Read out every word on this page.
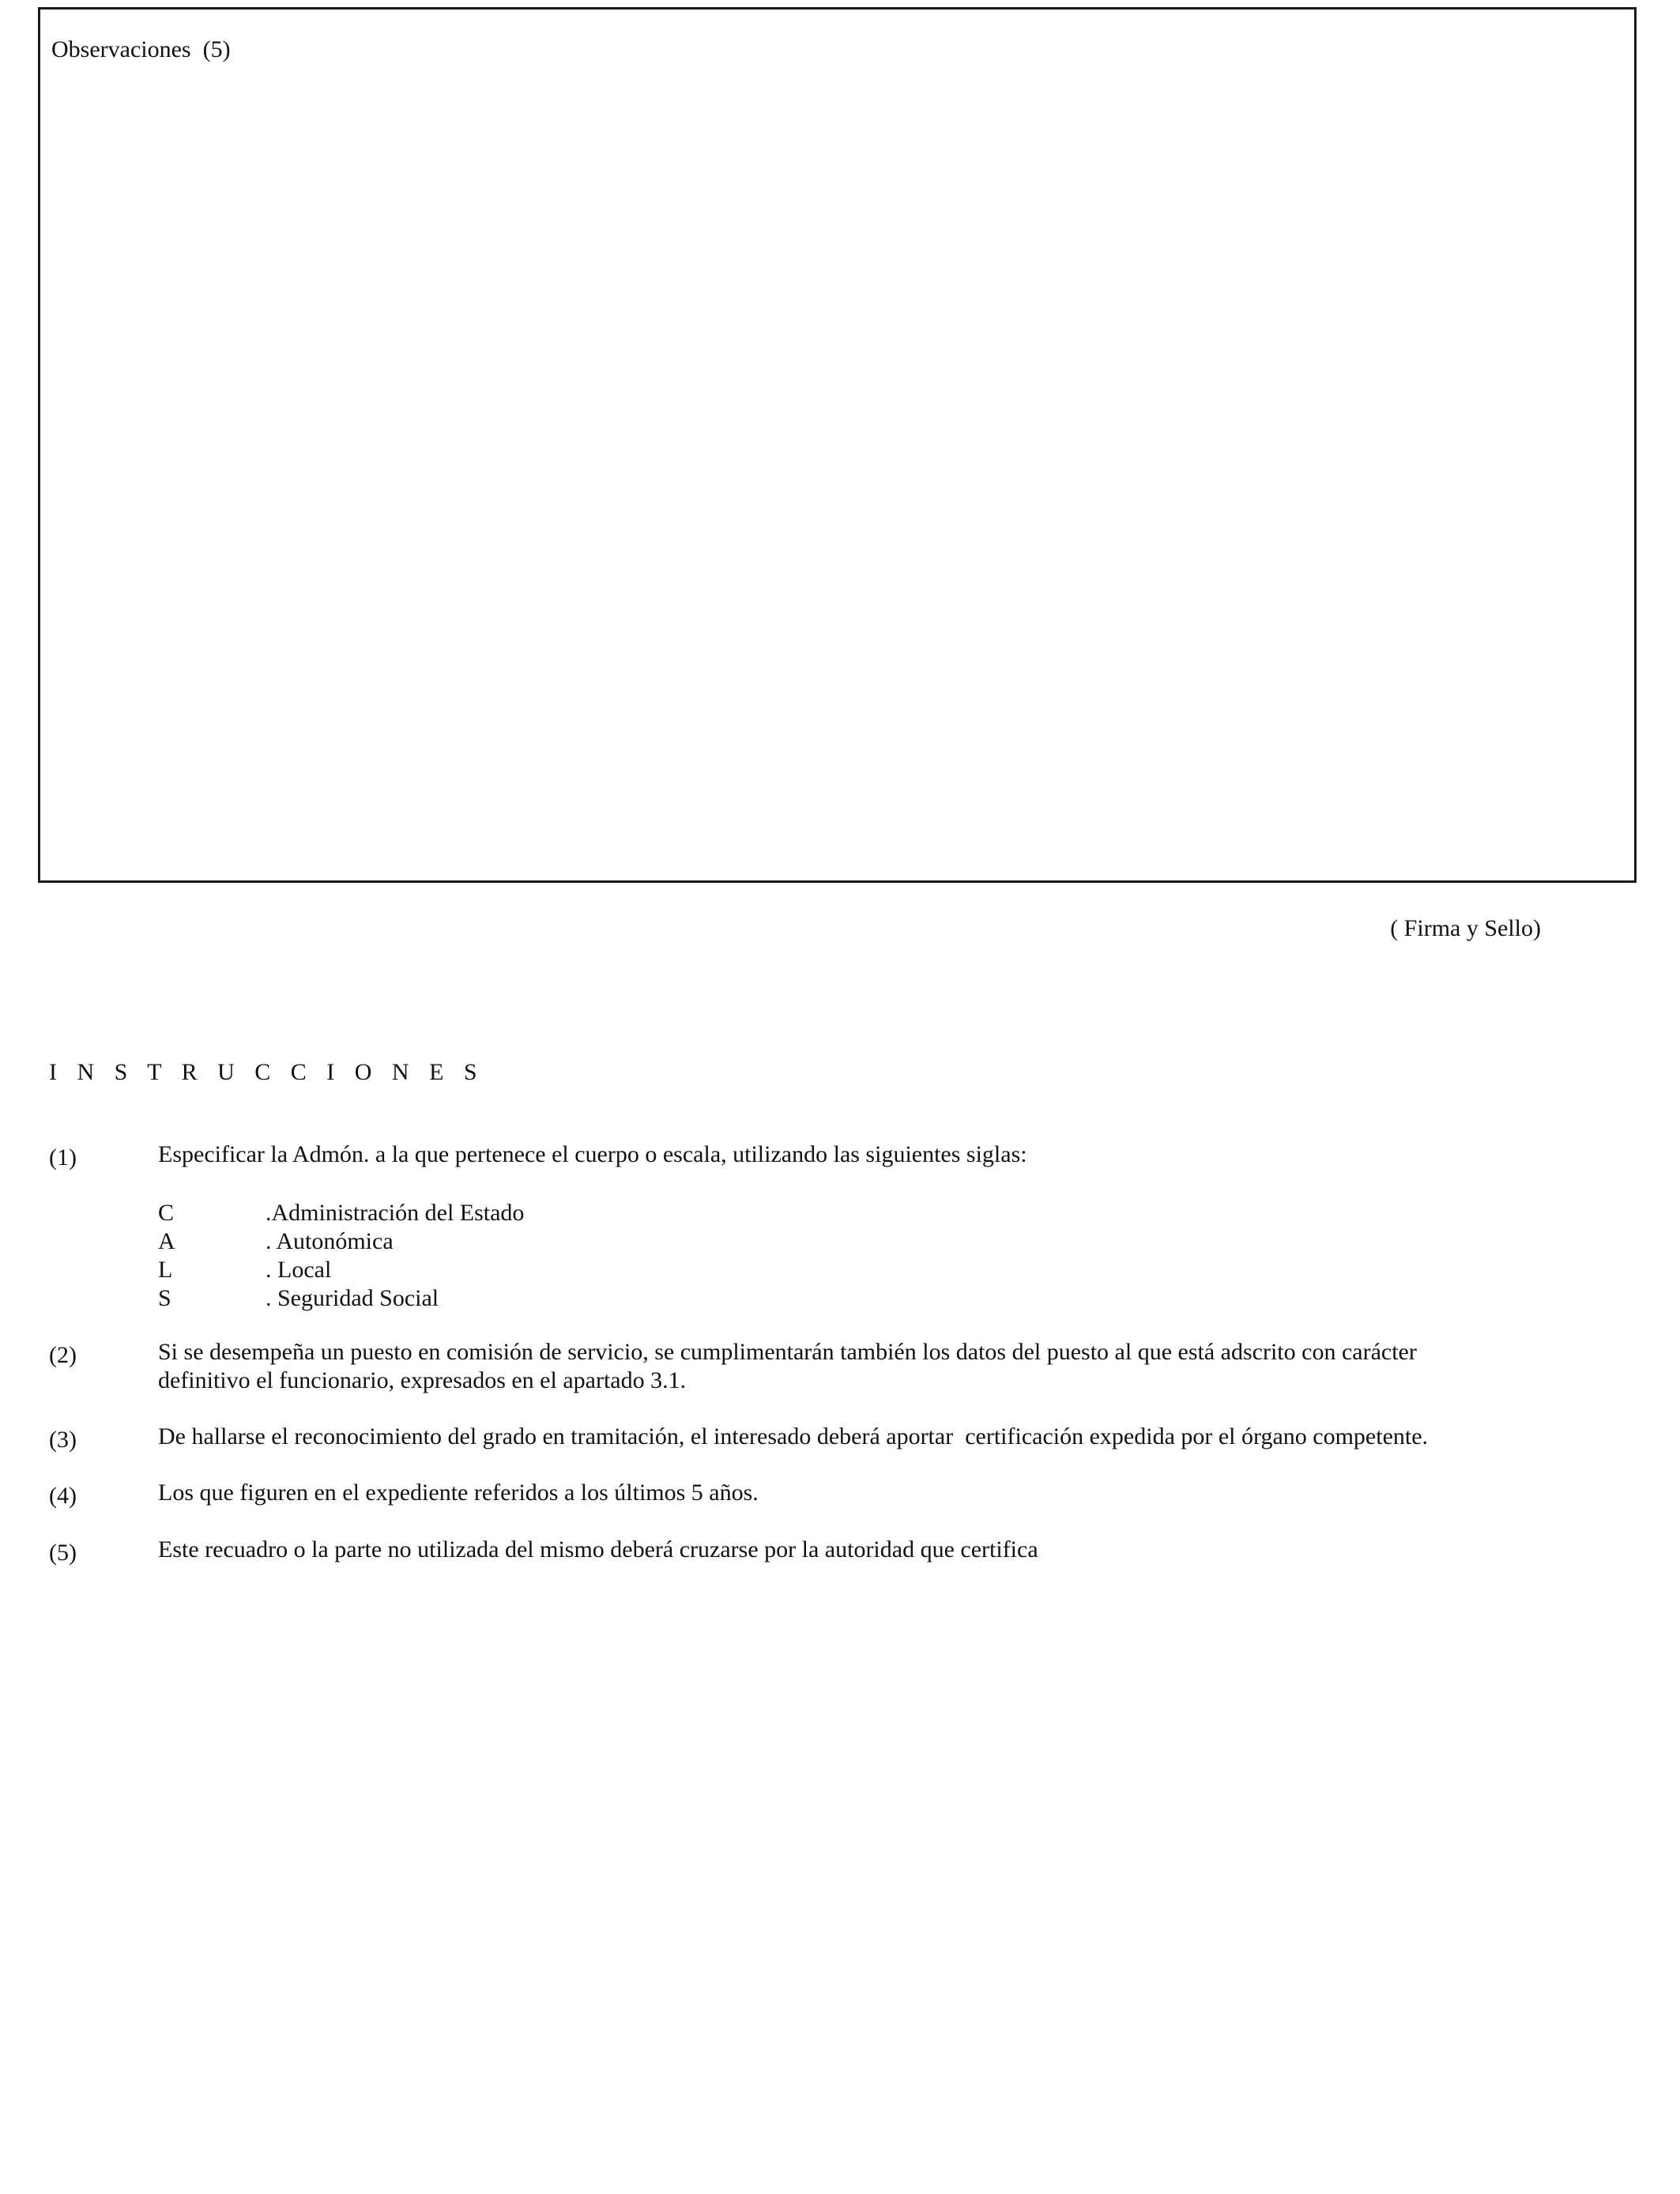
Observaciones  (5)
( Firma y Sello)
I N S T R U C C I O N E S
(1)	Especificar la Admón. a la que pertenece el cuerpo o escala, utilizando las siguientes siglas:
C	.Administración del Estado
A	. Autonómica
L	. Local
S	. Seguridad Social
(2)	Si se desempeña un puesto en comisión de servicio, se cumplimentarán también los datos del puesto al que está adscrito con carácter
definitivo el funcionario, expresados en el apartado 3.1.
(3)	De hallarse el reconocimiento del grado en tramitación, el interesado deberá aportar  certificación expedida por el órgano competente.
(4)	Los que figuren en el expediente referidos a los últimos 5 años.
(5)	Este recuadro o la parte no utilizada del mismo deberá cruzarse por la autoridad que certifica
